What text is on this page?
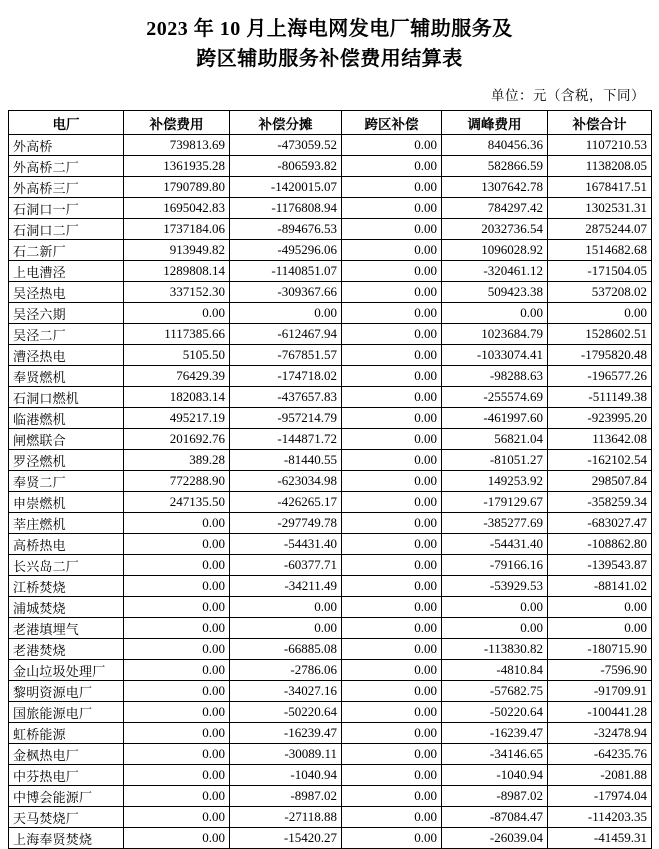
2023 年 10 月上海电网发电厂辅助服务及
跨区辅助服务补偿费用结算表
单位：元（含税，下同）
电厂	补偿费用	补偿分摊	跨区补偿	调峰费用	补偿合计
外高桥	739813.69	-473059.52	0.00	840456.36	1107210.53
外高桥二厂	1361935.28	-806593.82	0.00	582866.59	1138208.05
外高桥三厂	1790789.80	-1420015.07	0.00	1307642.78	1678417.51
石洞口一厂	1695042.83	-1176808.94	0.00	784297.42	1302531.31
石洞口二厂	1737184.06	-894676.53	0.00	2032736.54	2875244.07
石二新厂	913949.82	-495296.06	0.00	1096028.92	1514682.68
上电漕泾	1289808.14	-1140851.07	0.00	-320461.12	-171504.05
吴泾热电	337152.30	-309367.66	0.00	509423.38	537208.02
吴泾六期	0.00	0.00	0.00	0.00	0.00
吴泾二厂	1117385.66	-612467.94	0.00	1023684.79	1528602.51
漕泾热电	5105.50	-767851.57	0.00	-1033074.41	-1795820.48
奉贤燃机	76429.39	-174718.02	0.00	-98288.63	-196577.26
石洞口燃机	182083.14	-437657.83	0.00	-255574.69	-511149.38
临港燃机	495217.19	-957214.79	0.00	-461997.60	-923995.20
闸燃联合	201692.76	-144871.72	0.00	56821.04	113642.08
罗泾燃机	389.28	-81440.55	0.00	-81051.27	-162102.54
奉贤二厂	772288.90	-623034.98	0.00	149253.92	298507.84
申崇燃机	247135.50	-426265.17	0.00	-179129.67	-358259.34
莘庄燃机	0.00	-297749.78	0.00	-385277.69	-683027.47
高桥热电	0.00	-54431.40	0.00	-54431.40	-108862.80
长兴岛二厂	0.00	-60377.71	0.00	-79166.16	-139543.87
江桥焚烧	0.00	-34211.49	0.00	-53929.53	-88141.02
浦城焚烧	0.00	0.00	0.00	0.00	0.00
老港填埋气	0.00	0.00	0.00	0.00	0.00
老港焚烧	0.00	-66885.08	0.00	-113830.82	-180715.90
金山垃圾处理厂	0.00	-2786.06	0.00	-4810.84	-7596.90
黎明资源电厂	0.00	-34027.16	0.00	-57682.75	-91709.91
国旅能源电厂	0.00	-50220.64	0.00	-50220.64	-100441.28
虹桥能源	0.00	-16239.47	0.00	-16239.47	-32478.94
金枫热电厂	0.00	-30089.11	0.00	-34146.65	-64235.76
中芬热电厂	0.00	-1040.94	0.00	-1040.94	-2081.88
中博会能源厂	0.00	-8987.02	0.00	-8987.02	-17974.04
天马焚烧厂	0.00	-27118.88	0.00	-87084.47	-114203.35
上海奉贤焚烧	0.00	-15420.27	0.00	-26039.04	-41459.31
